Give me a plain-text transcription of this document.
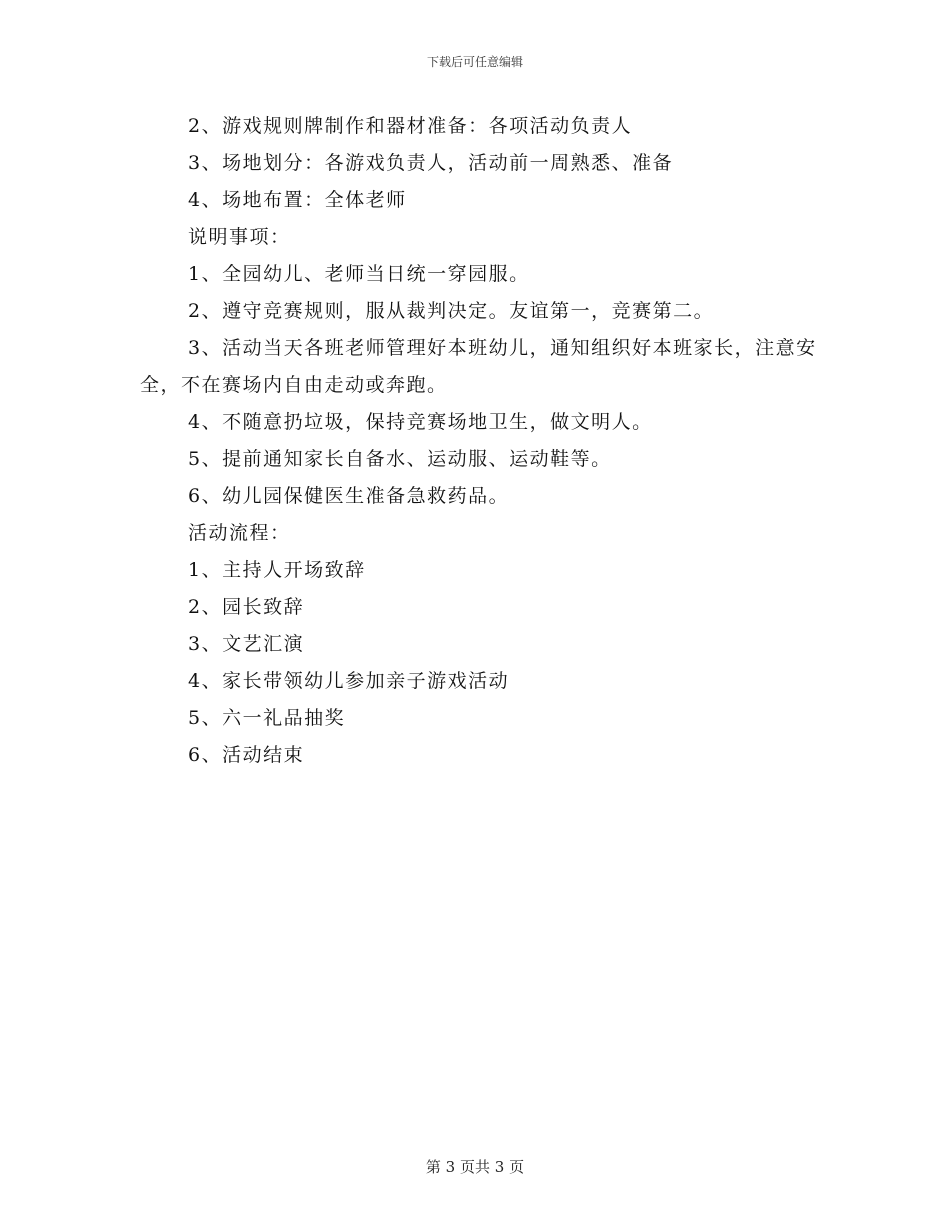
下载后可任意编辑

2、游戏规则牌制作和器材准备：各项活动负责人

3、场地划分：各游戏负责人，活动前一周熟悉、准备

4、场地布置：全体老师

说明事项：

1、全园幼儿、老师当日统一穿园服。

2、遵守竞赛规则，服从裁判决定。友谊第一，竞赛第二。

3、活动当天各班老师管理好本班幼儿，通知组织好本班家长，注意安全，不在赛场内自由走动或奔跑。

4、不随意扔垃圾，保持竞赛场地卫生，做文明人。

5、提前通知家长自备水、运动服、运动鞋等。

6、幼儿园保健医生准备急救药品。

活动流程：

1、主持人开场致辞

2、园长致辞

3、文艺汇演

4、家长带领幼儿参加亲子游戏活动

5、六一礼品抽奖

6、活动结束

第 3 页共 3 页
